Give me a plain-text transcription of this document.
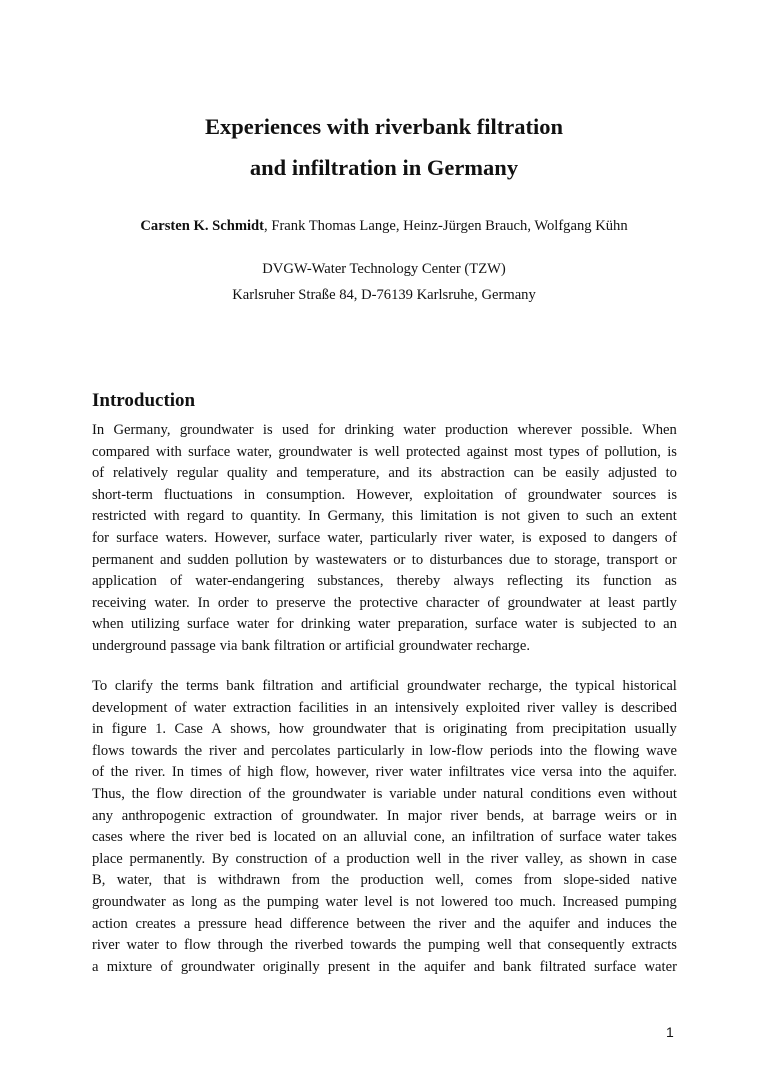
Experiences with riverbank filtration
and infiltration in Germany
Carsten K. Schmidt, Frank Thomas Lange, Heinz-Jürgen Brauch, Wolfgang Kühn
DVGW-Water Technology Center (TZW)
Karlsruher Straße 84, D-76139 Karlsruhe, Germany
Introduction
In Germany, groundwater is used for drinking water production wherever possible. When
compared with surface water, groundwater is well protected against most types of pollution, is
of relatively regular quality and temperature, and its abstraction can be easily adjusted to
short-term fluctuations in consumption. However, exploitation of groundwater sources is
restricted with regard to quantity. In Germany, this limitation is not given to such an extent
for surface waters. However, surface water, particularly river water, is exposed to dangers of
permanent and sudden pollution by wastewaters or to disturbances due to storage, transport or
application of water-endangering substances, thereby always reflecting its function as
receiving water. In order to preserve the protective character of groundwater at least partly
when utilizing surface water for drinking water preparation, surface water is subjected to an
underground passage via bank filtration or artificial groundwater recharge.
To clarify the terms bank filtration and artificial groundwater recharge, the typical historical
development of water extraction facilities in an intensively exploited river valley is described
in figure 1. Case A shows, how groundwater that is originating from precipitation usually
flows towards the river and percolates particularly in low-flow periods into the flowing wave
of the river. In times of high flow, however, river water infiltrates vice versa into the aquifer.
Thus, the flow direction of the groundwater is variable under natural conditions even without
any anthropogenic extraction of groundwater. In major river bends, at barrage weirs or in
cases where the river bed is located on an alluvial cone, an infiltration of surface water takes
place permanently. By construction of a production well in the river valley, as shown in case
B, water, that is withdrawn from the production well, comes from slope-sided native
groundwater as long as the pumping water level is not lowered too much. Increased pumping
action creates a pressure head difference between the river and the aquifer and induces the
river water to flow through the riverbed towards the pumping well that consequently extracts
a mixture of groundwater originally present in the aquifer and bank filtrated surface water
1
